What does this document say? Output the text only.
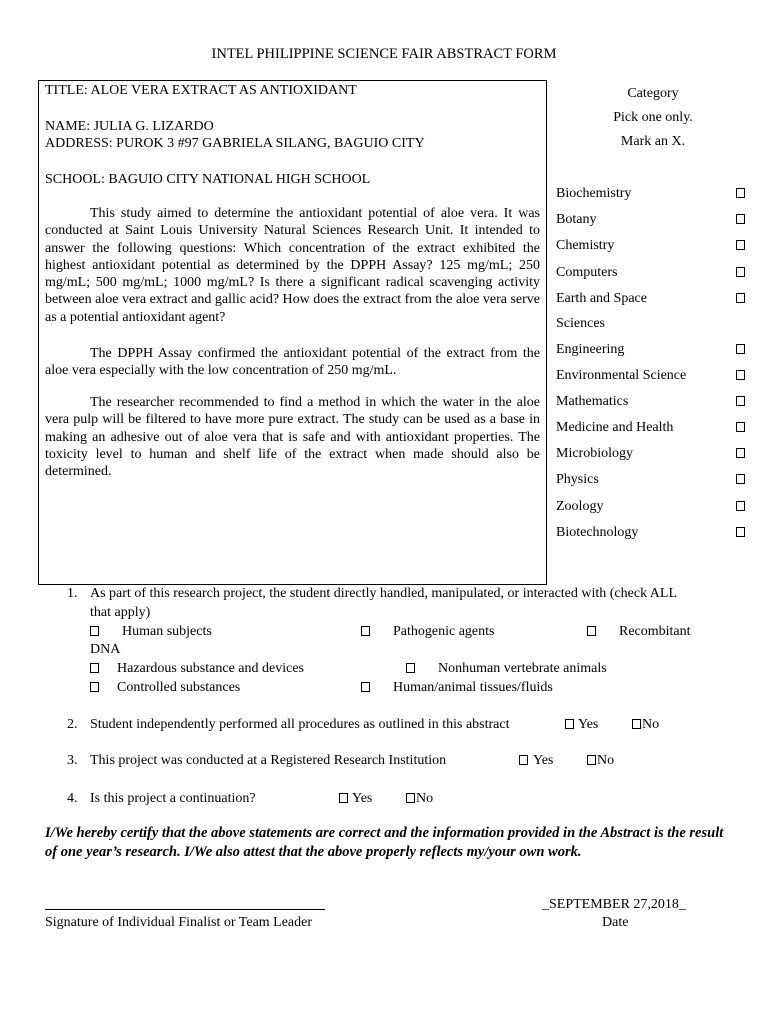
INTEL PHILIPPINE SCIENCE FAIR ABSTRACT FORM
TITLE: ALOE VERA EXTRACT AS ANTIOXIDANT
NAME: JULIA G. LIZARDO
ADDRESS: PUROK 3 #97 GABRIELA SILANG, BAGUIO CITY
SCHOOL: BAGUIO CITY NATIONAL HIGH SCHOOL
This study aimed to determine the antioxidant potential of aloe vera. It was conducted at Saint Louis University Natural Sciences Research Unit. It intended to answer the following questions: Which concentration of the extract exhibited the highest antioxidant potential as determined by the DPPH Assay? 125 mg/mL; 250 mg/mL; 500 mg/mL; 1000 mg/mL? Is there a significant radical scavenging activity between aloe vera extract and gallic acid? How does the extract from the aloe vera serve as a potential antioxidant agent?
The DPPH Assay confirmed the antioxidant potential of the extract from the aloe vera especially with the low concentration of 250 mg/mL.
The researcher recommended to find a method in which the water in the aloe vera pulp will be filtered to have more pure extract. The study can be used as a base in making an adhesive out of aloe vera that is safe and with antioxidant properties. The toxicity level to human and shelf life of the extract when made should also be determined.
Category
Pick one only.
Mark an X.
Biochemistry
Botany
Chemistry
Computers
Earth and Space
Sciences
Engineering
Environmental Science
Mathematics
Medicine and Health
Microbiology
Physics
Zoology
Biotechnology
1. As part of this research project, the student directly handled, manipulated, or interacted with (check ALL
that apply)
Human subjects	Pathogenic agents	Recombitant
DNA
Hazardous substance and devices	Nonhuman vertebrate animals
Controlled substances	Human/animal tissues/fluids
2. Student independently performed all procedures as outlined in this abstract	Yes	No
3. This project was conducted at a Registered Research Institution	Yes	No
4. Is this project a continuation?	Yes	No
I/We hereby certify that the above statements are correct and the information provided in the Abstract is the result of one year’s research. I/We also attest that the above properly reflects my/your own work.
Signature of Individual Finalist or Team Leader
_SEPTEMBER 27,2018_
Date
